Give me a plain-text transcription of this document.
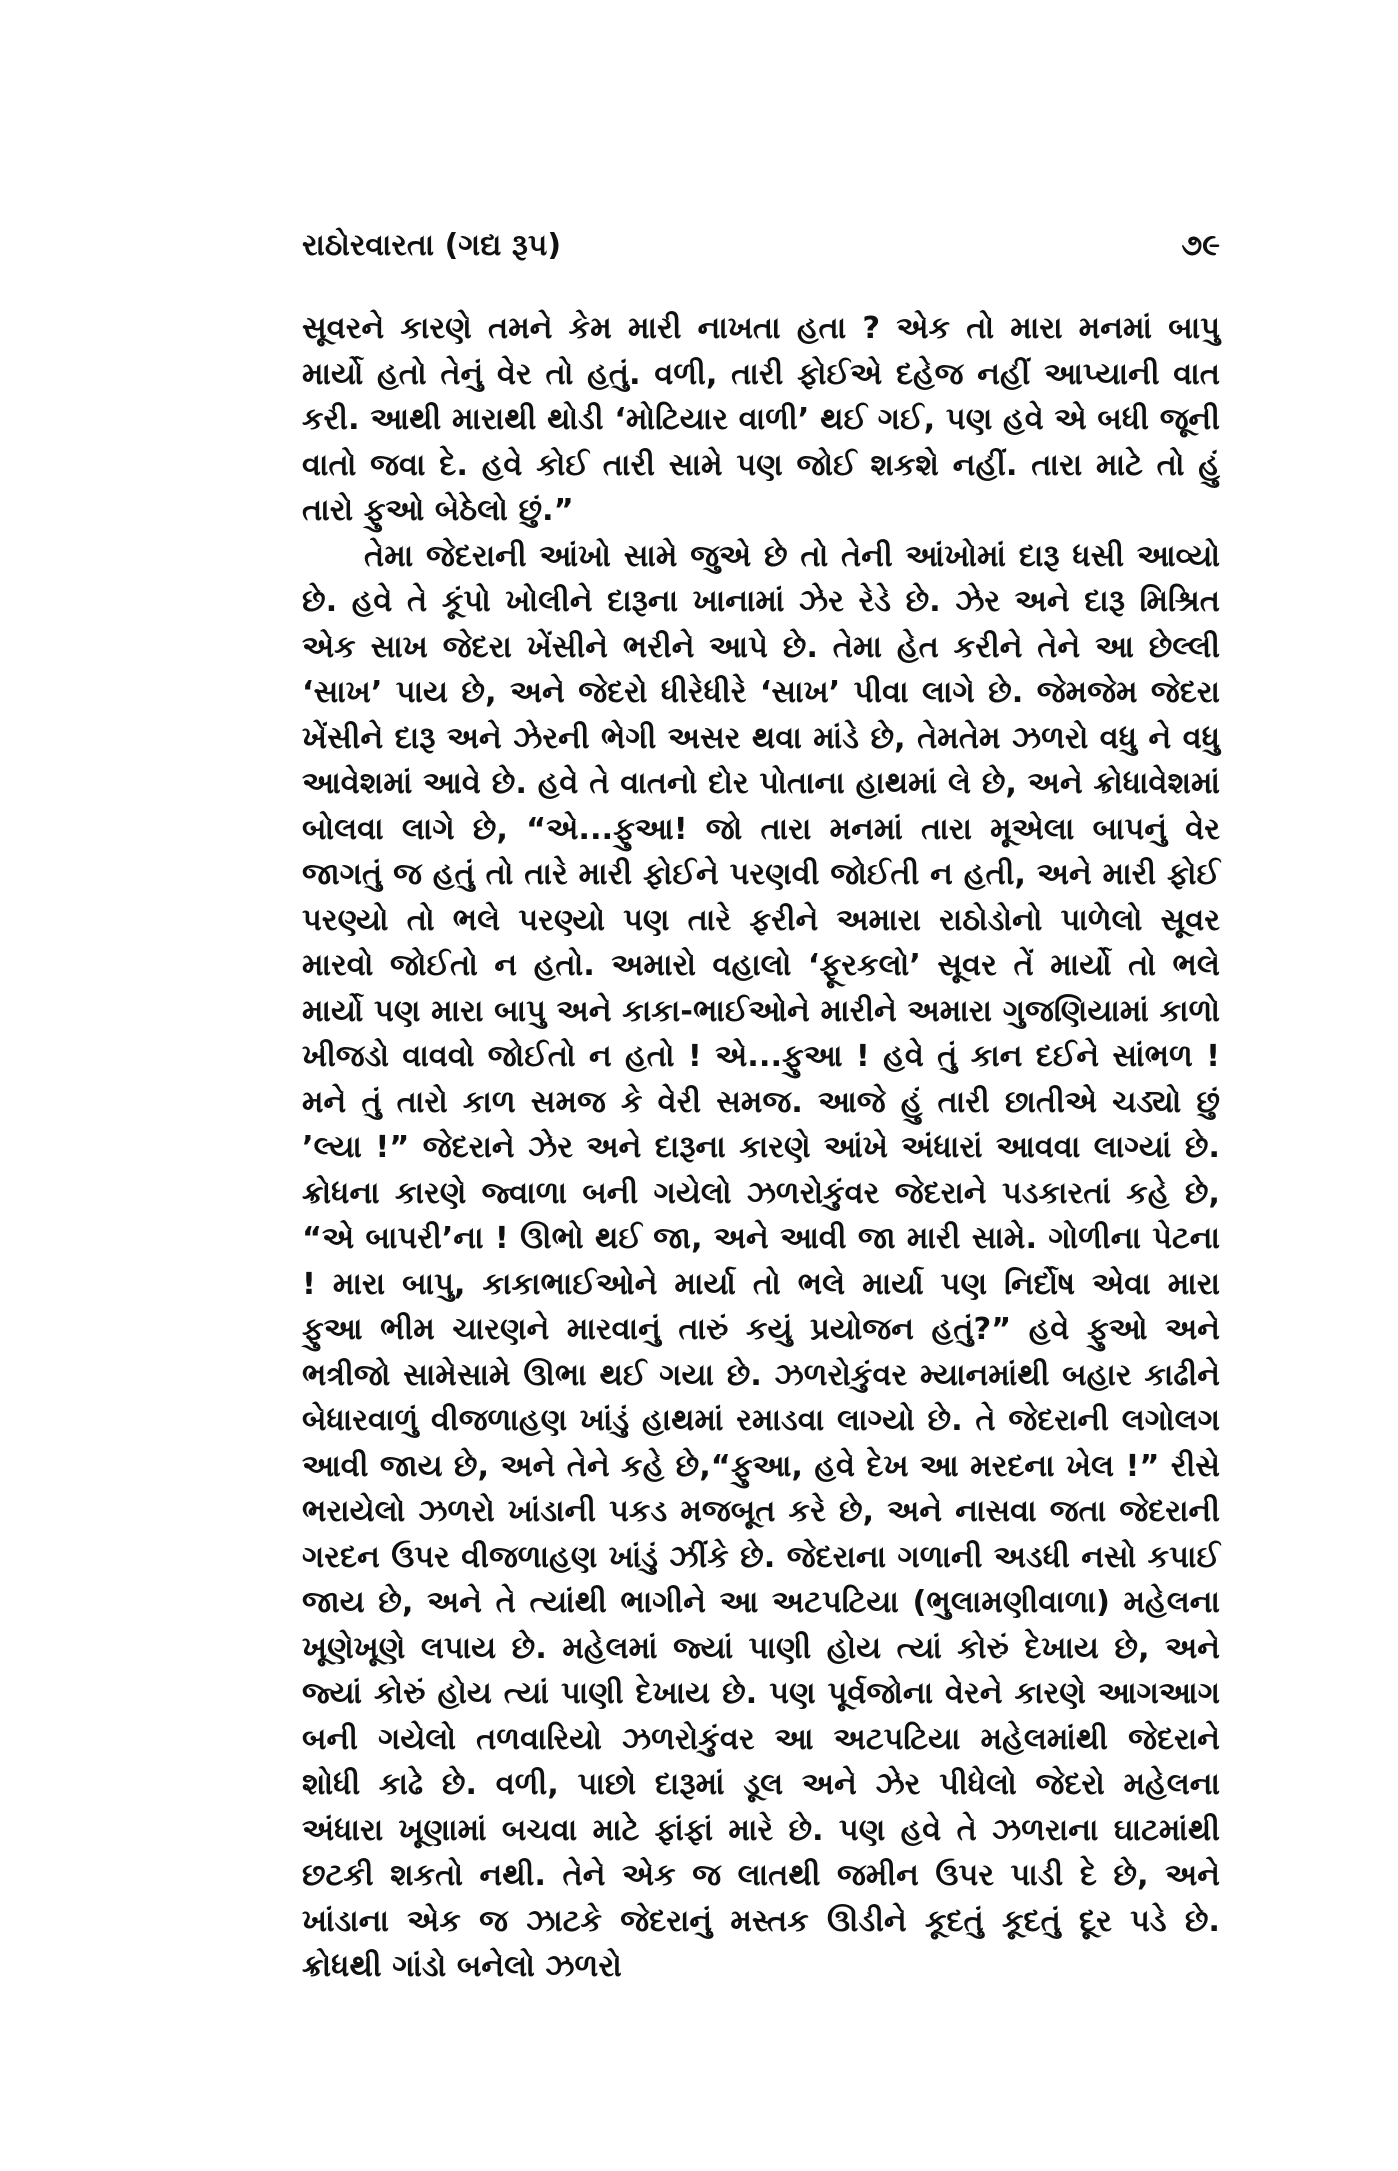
રાઠોરવારતા (ગદ્ય રૂપ)	૭૯

સૂવરને કારણે તમને કેમ મારી નાખતા હતા ? એક તો મારા મનમાં બાપુ માર્યો હતો તેનું વેર તો હતું. વળી, તારી ફોઈએ દહેજ નહીં આપ્યાની વાત કરી. આથી મારાથી થોડી ‘મોટિયાર વાળી’ થઈ ગઈ, પણ હવે એ બધી જૂની વાતો જવા દે. હવે કોઈ તારી સામે પણ જોઈ શકશે નહીં. તારા માટે તો હું તારો ફુઓ બેઠેલો છું.”

તેમા જેદરાની આંખો સામે જુએ છે તો તેની આંખોમાં દારૂ ધસી આવ્યો છે. હવે તે કૂંપો ખોલીને દારૂના ખાનામાં ઝેર રેડે છે. ઝેર અને દારૂ મિશ્રિત એક સાખ જેદરા ખેંસીને ભરીને આપે છે. તેમા હેત કરીને તેને આ છેલ્લી ‘સાખ’ પાય છે, અને જેદરો ધીરેધીરે ‘સાખ’ પીવા લાગે છે. જેમજેમ જેદરા ખેંસીને દારૂ અને ઝેરની ભેગી અસર થવા માંડે છે, તેમતેમ ઝળરો વધુ ને વધુ આવેશમાં આવે છે. હવે તે વાતનો દોર પોતાના હાથમાં લે છે, અને ક્રોધાવેશમાં બોલવા લાગે છે, “એ...ફુઆ! જો તારા મનમાં તારા મૂએલા બાપનું વેર જાગતું જ હતું તો તારે મારી ફોઈને પરણવી જોઈતી ન હતી, અને મારી ફોઈ પરણ્યો તો ભલે પરણ્યો પણ તારે ફરીને અમારા રાઠોડોનો પાળેલો સૂવર મારવો જોઈતો ન હતો. અમારો વહાલો ‘ફૂરકલો’ સૂવર તેં માર્યો તો ભલે માર્યો પણ મારા બાપુ અને કાકા-ભાઈઓને મારીને અમારા ગુજણિયામાં કાળો ખીજડો વાવવો જોઈતો ન હતો ! એ...ફુઆ ! હવે તું કાન દઈને સાંભળ ! મને તું તારો કાળ સમજ કે વેરી સમજ. આજે હું તારી છાતીએ ચડ્યો છું ’લ્યા !” જેદરાને ઝેર અને દારૂના કારણે આંખે અંધારાં આવવા લાગ્યાં છે. ક્રોધના કારણે જ્વાળા બની ગયેલો ઝળરોકુંવર જેદરાને પડકારતાં કહે છે, “એ બાપરી’ના ! ઊભો થઈ જા, અને આવી જા મારી સામે. ગોળીના પેટના ! મારા બાપુ, કાકાભાઈઓને માર્યા તો ભલે માર્યા પણ નિર્દોષ એવા મારા ફુઆ ભીમ ચારણને મારવાનું તારું કયું પ્રયોજન હતું?” હવે ફુઓ અને ભત્રીજો સામેસામે ઊભા થઈ ગયા છે. ઝળરોકુંવર મ્યાનમાંથી બહાર કાઢીને બેધારવાળું વીજળાહણ ખાંડું હાથમાં રમાડવા લાગ્યો છે. તે જેદરાની લગોલગ આવી જાય છે, અને તેને કહે છે,“ફુઆ, હવે દેખ આ મરદના ખેલ !” રીસે ભરાયેલો ઝળરો ખાંડાની પકડ મજબૂત કરે છે, અને નાસવા જતા જેદરાની ગરદન ઉપર વીજળાહણ ખાંડું ઝીંકે છે. જેદરાના ગળાની અડધી નસો કપાઈ જાય છે, અને તે ત્યાંથી ભાગીને આ અટપટિયા (ભુલામણીવાળા) મહેલના ખૂણેખૂણે લપાય છે. મહેલમાં જ્યાં પાણી હોય ત્યાં કોરું દેખાય છે, અને જ્યાં કોરું હોય ત્યાં પાણી દેખાય છે. પણ પૂર્વજોના વેરને કારણે આગઆગ બની ગયેલો તળવારિયો ઝળરોકુંવર આ અટપટિયા મહેલમાંથી જેદરાને શોધી કાઢે છે. વળી, પાછો દારૂમાં ડૂલ અને ઝેર પીધેલો જેદરો મહેલના અંધારા ખૂણામાં બચવા માટે ફાંફાં મારે છે. પણ હવે તે ઝળરાના ઘાટમાંથી છટકી શકતો નથી. તેને એક જ લાતથી જમીન ઉપર પાડી દે છે, અને ખાંડાના એક જ ઝાટકે જેદરાનું મસ્તક ઊડીને કૂદતું કૂદતું દૂર પડે છે. ક્રોધથી ગાંડો બનેલો ઝળરો
